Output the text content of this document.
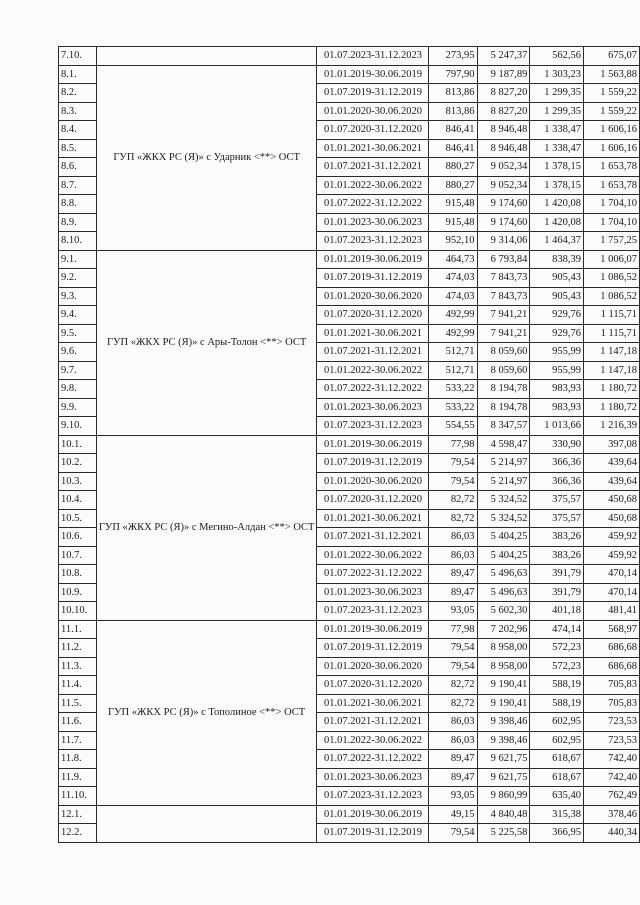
7.10.		01.07.2023-31.12.2023	273,95	5 247,37	562,56	675,07
8.1.	ГУП «ЖКХ РС (Я)» с Ударник <**> ОСТ	01.01.2019-30.06.2019	797,90	9 187,89	1 303,23	1 563,88
8.2.		01.07.2019-31.12.2019	813,86	8 827,20	1 299,35	1 559,22
8.3.		01.01.2020-30.06.2020	813,86	8 827,20	1 299,35	1 559,22
8.4.		01.07.2020-31.12.2020	846,41	8 946,48	1 338,47	1 606,16
8.5.		01.01.2021-30.06.2021	846,41	8 946,48	1 338,47	1 606,16
8.6.		01.07.2021-31.12.2021	880,27	9 052,34	1 378,15	1 653,78
8.7.		01.01.2022-30.06.2022	880,27	9 052,34	1 378,15	1 653,78
8.8.		01.07.2022-31.12.2022	915,48	9 174,60	1 420,08	1 704,10
8.9.		01.01.2023-30.06.2023	915,48	9 174,60	1 420,08	1 704,10
8.10.		01.07.2023-31.12.2023	952,10	9 314,06	1 464,37	1 757,25
9.1.	ГУП «ЖКХ РС (Я)» с Ары-Толон <**> ОСТ	01.01.2019-30.06.2019	464,73	6 793,84	838,39	1 006,07
9.2.		01.07.2019-31.12.2019	474,03	7 843,73	905,43	1 086,52
9.3.		01.01.2020-30.06.2020	474,03	7 843,73	905,43	1 086,52
9.4.		01.07.2020-31.12.2020	492,99	7 941,21	929,76	1 115,71
9.5.		01.01.2021-30.06.2021	492,99	7 941,21	929,76	1 115,71
9.6.		01.07.2021-31.12.2021	512,71	8 059,60	955,99	1 147,18
9.7.		01.01.2022-30.06.2022	512,71	8 059,60	955,99	1 147,18
9.8.		01.07.2022-31.12.2022	533,22	8 194,78	983,93	1 180,72
9.9.		01.01.2023-30.06.2023	533,22	8 194,78	983,93	1 180,72
9.10.		01.07.2023-31.12.2023	554,55	8 347,57	1 013,66	1 216,39
10.1.	ГУП «ЖКХ РС (Я)» с Мегино-Алдан <**> ОСТ	01.01.2019-30.06.2019	77,98	4 598,47	330,90	397,08
10.2.		01.07.2019-31.12.2019	79,54	5 214,97	366,36	439,64
10.3.		01.01.2020-30.06.2020	79,54	5 214,97	366,36	439,64
10.4.		01.07.2020-31.12.2020	82,72	5 324,52	375,57	450,68
10.5.		01.01.2021-30.06.2021	82,72	5 324,52	375,57	450,68
10.6.		01.07.2021-31.12.2021	86,03	5 404,25	383,26	459,92
10.7.		01.01.2022-30.06.2022	86,03	5 404,25	383,26	459,92
10.8.		01.07.2022-31.12.2022	89,47	5 496,63	391,79	470,14
10.9.		01.01.2023-30.06.2023	89,47	5 496,63	391,79	470,14
10.10.		01.07.2023-31.12.2023	93,05	5 602,30	401,18	481,41
11.1.	ГУП «ЖКХ РС (Я)» с Тополиное <**> ОСТ	01.01.2019-30.06.2019	77,98	7 202,96	474,14	568,97
11.2.		01.07.2019-31.12.2019	79,54	8 958,00	572,23	686,68
11.3.		01.01.2020-30.06.2020	79,54	8 958,00	572,23	686,68
11.4.		01.07.2020-31.12.2020	82,72	9 190,41	588,19	705,83
11.5.		01.01.2021-30.06.2021	82,72	9 190,41	588,19	705,83
11.6.		01.07.2021-31.12.2021	86,03	9 398,46	602,95	723,53
11.7.		01.01.2022-30.06.2022	86,03	9 398,46	602,95	723,53
11.8.		01.07.2022-31.12.2022	89,47	9 621,75	618,67	742,40
11.9.		01.01.2023-30.06.2023	89,47	9 621,75	618,67	742,40
11.10.		01.07.2023-31.12.2023	93,05	9 860,99	635,40	762,49
12.1.		01.01.2019-30.06.2019	49,15	4 840,48	315,38	378,46
12.2.		01.07.2019-31.12.2019	79,54	5 225,58	366,95	440,34
